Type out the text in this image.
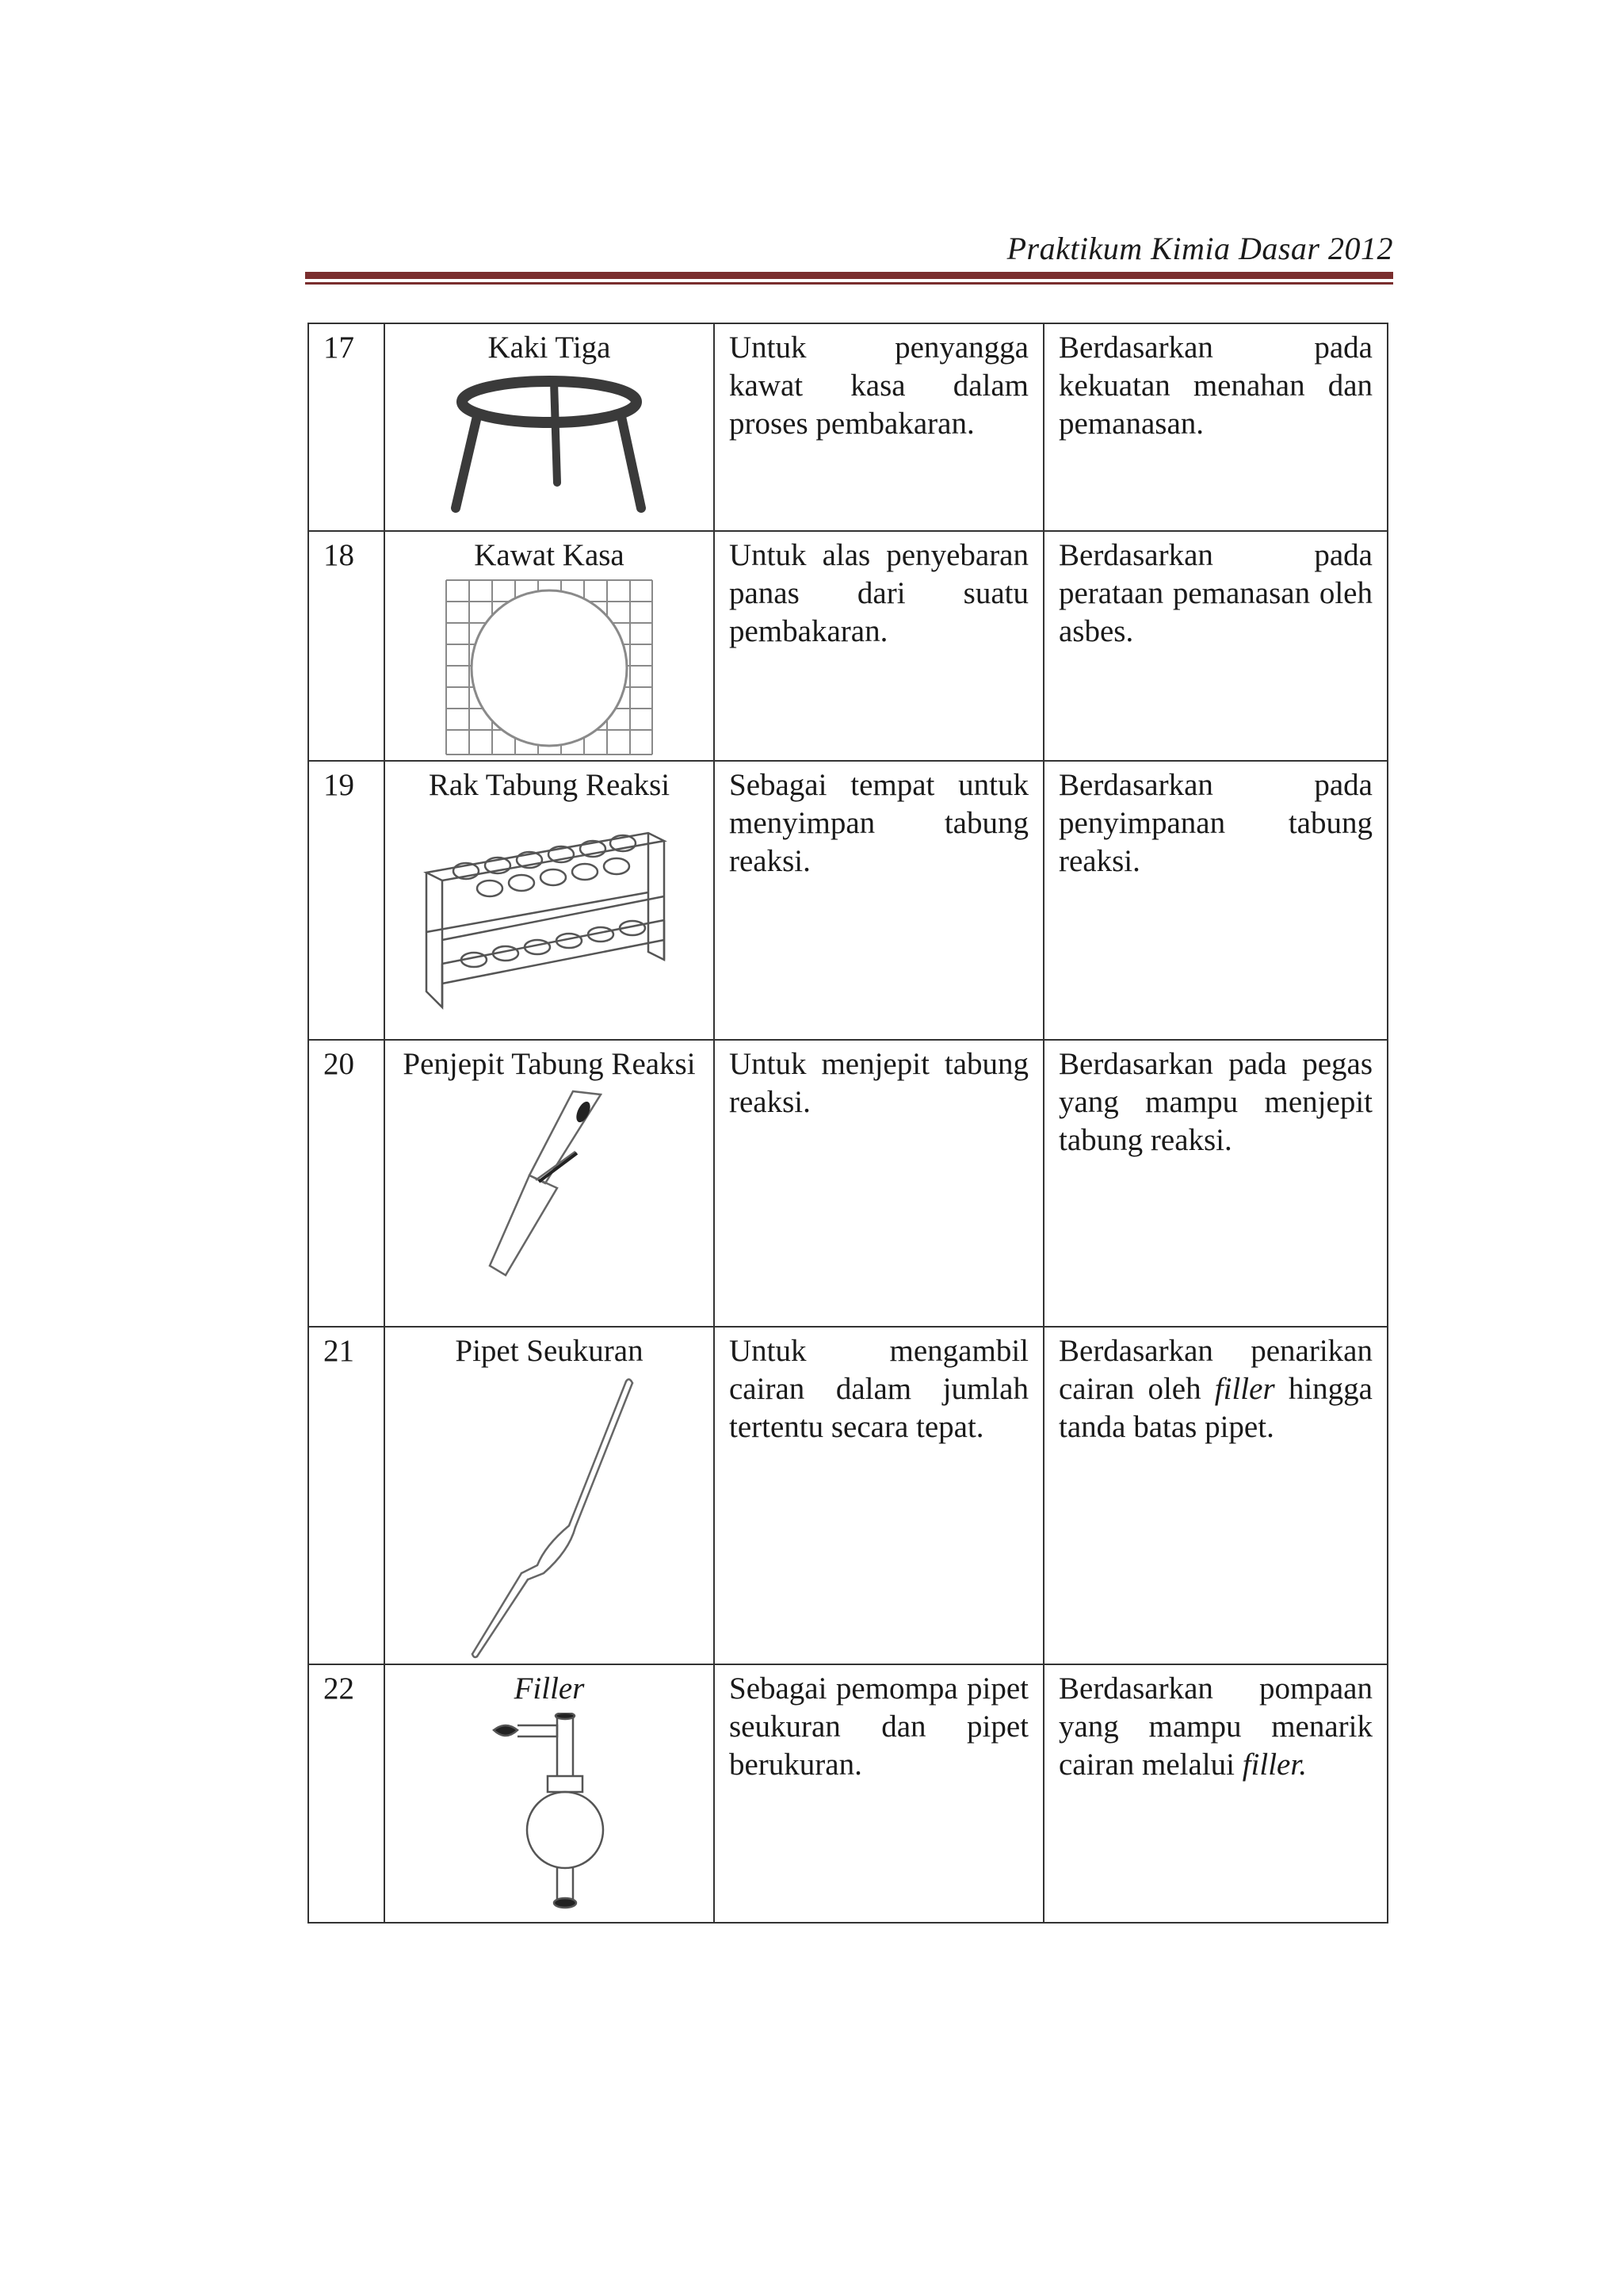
Praktikum Kimia Dasar 2012
17	Kaki Tiga	Untuk penyangga kawat kasa dalam proses pembakaran.	Berdasarkan pada kekuatan menahan dan pemanasan.
18	Kawat Kasa	Untuk alas penyebaran panas dari suatu pembakaran.	Berdasarkan pada perataan pemanasan oleh asbes.
19	Rak Tabung Reaksi	Sebagai tempat untuk menyimpan tabung reaksi.	Berdasarkan pada penyimpanan tabung reaksi.
20	Penjepit Tabung Reaksi	Untuk menjepit tabung reaksi.	Berdasarkan pada pegas yang mampu menjepit tabung reaksi.
21	Pipet Seukuran	Untuk mengambil cairan dalam jumlah tertentu secara tepat.	Berdasarkan penarikan cairan oleh filler hingga tanda batas pipet.
22	Filler	Sebagai pemompa pipet seukuran dan pipet berukuran.	Berdasarkan pompaan yang mampu menarik cairan melalui filler.
